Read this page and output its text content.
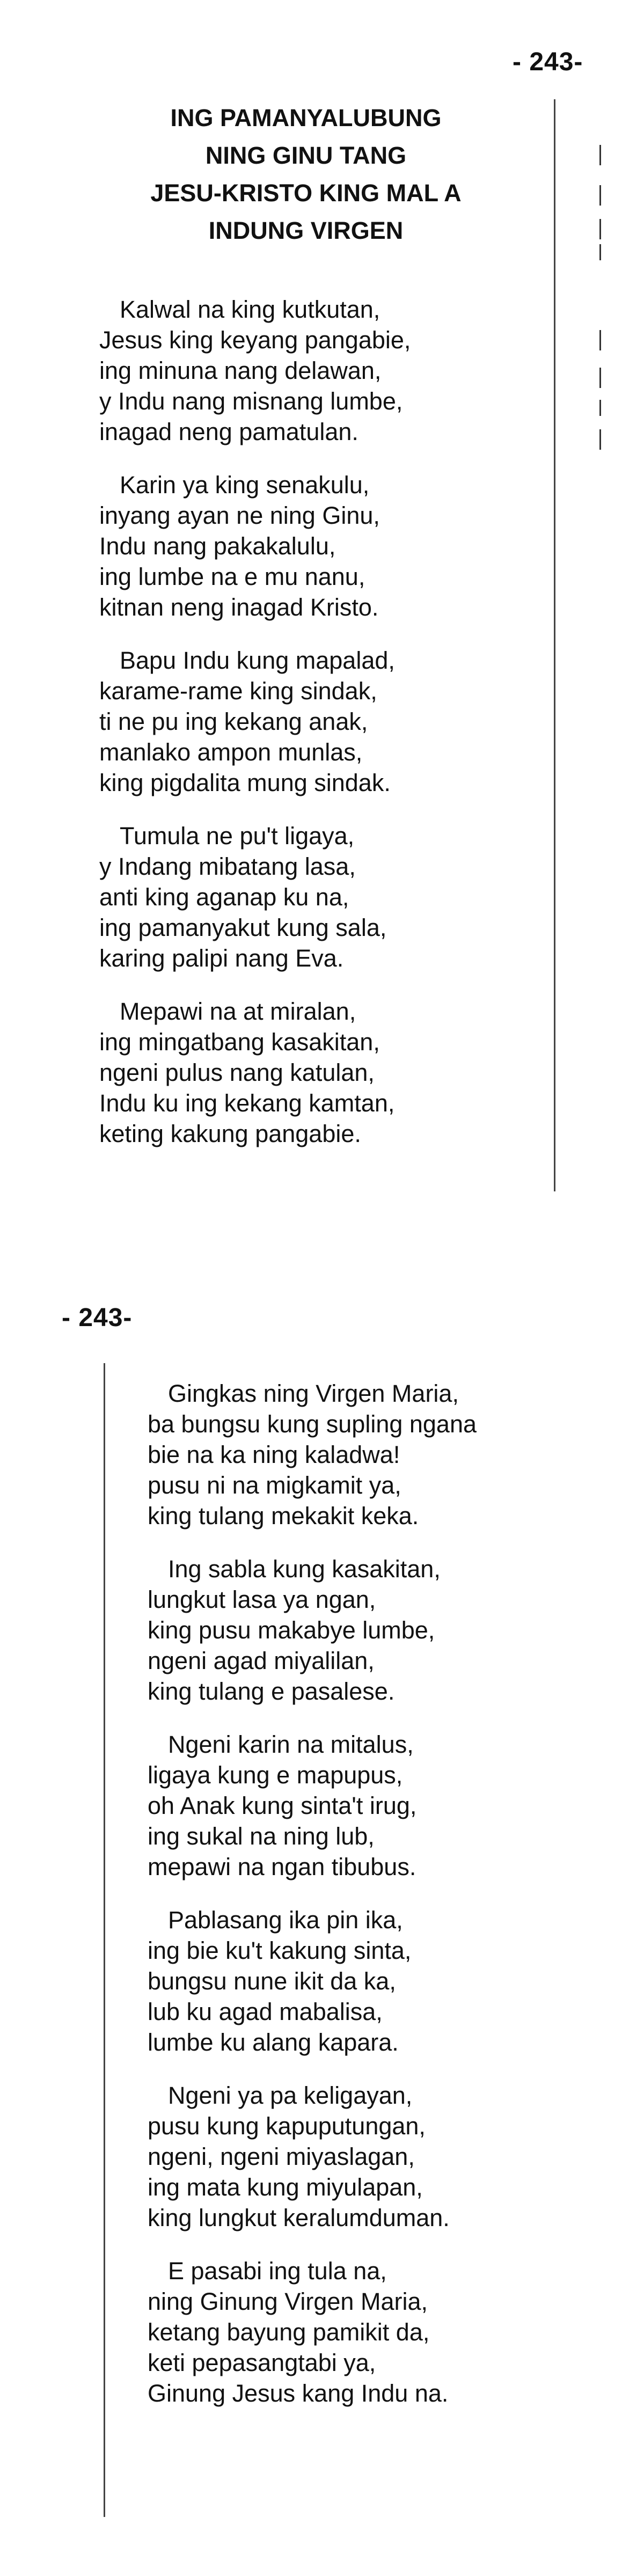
- 243-
ING PAMANYALUBUNG
NING GINU TANG
JESU-KRISTO KING MAL A
INDUNG VIRGEN
Kalwal na king kutkutan,
Jesus king keyang pangabie,
ing minuna nang delawan,
y Indu nang misnang lumbe,
inagad neng pamatulan.
Karin ya king senakulu,
inyang ayan ne ning Ginu,
Indu nang pakakalulu,
ing lumbe na e mu nanu,
kitnan neng inagad Kristo.
Bapu Indu kung mapalad,
karame-rame king sindak,
ti ne pu ing kekang anak,
manlako ampon munlas,
king pigdalita mung sindak.
Tumula ne pu't ligaya,
y Indang mibatang lasa,
anti king aganap ku na,
ing pamanyakut kung sala,
karing palipi nang Eva.
Mepawi na at miralan,
ing mingatbang kasakitan,
ngeni pulus nang katulan,
Indu ku ing kekang kamtan,
keting kakung pangabie.
- 243-
Gingkas ning Virgen Maria,
ba bungsu kung supling ngana
bie na ka ning kaladwa!
pusu ni na migkamit ya,
king tulang mekakit keka.
Ing sabla kung kasakitan,
lungkut lasa ya ngan,
king pusu makabye lumbe,
ngeni agad miyalilan,
king tulang e pasalese.
Ngeni karin na mitalus,
ligaya kung e mapupus,
oh Anak kung sinta't irug,
ing sukal na ning lub,
mepawi na ngan tibubus.
Pablasang ika pin ika,
ing bie ku't kakung sinta,
bungsu nune ikit da ka,
lub ku agad mabalisa,
lumbe ku alang kapara.
Ngeni ya pa keligayan,
pusu kung kapuputungan,
ngeni, ngeni miyaslagan,
ing mata kung miyulapan,
king lungkut keralumduman.
E pasabi ing tula na,
ning Ginung Virgen Maria,
ketang bayung pamikit da,
keti pepasangtabi ya,
Ginung Jesus kang Indu na.
